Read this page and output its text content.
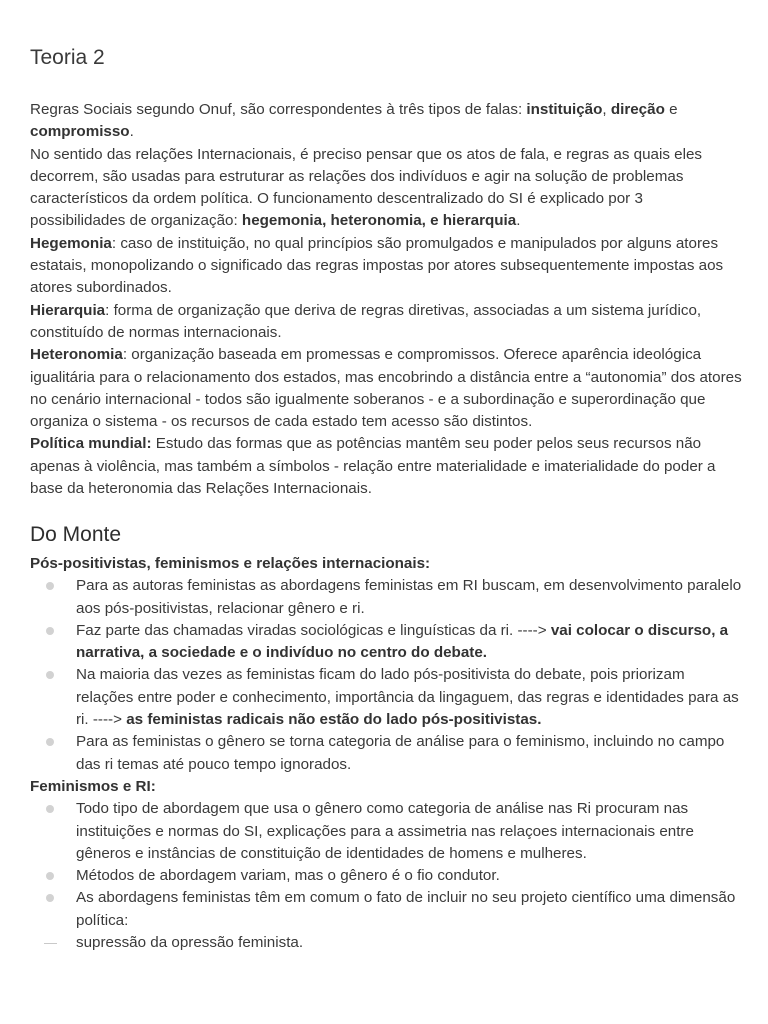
Teoria 2

Regras Sociais segundo Onuf, são correspondentes à três tipos de falas: instituição, direção e compromisso.

No sentido das relações Internacionais, é preciso pensar que os atos de fala, e regras as quais eles decorrem, são usadas para estruturar as relações dos indivíduos e agir na solução de problemas característicos da ordem política. O funcionamento descentralizado do SI é explicado por 3 possibilidades de organização: hegemonia, heteronomia, e hierarquia.

Hegemonia: caso de instituição, no qual princípios são promulgados e manipulados por alguns atores estatais, monopolizando o significado das regras impostas por atores subsequentemente impostas aos atores subordinados.

Hierarquia: forma de organização que deriva de regras diretivas, associadas a um sistema jurídico, constituído de normas internacionais.

Heteronomia: organização baseada em promessas e compromissos. Oferece aparência ideológica igualitária para o relacionamento dos estados, mas encobrindo a distância entre a “autonomia” dos atores no cenário internacional - todos são igualmente soberanos - e a subordinação e superordinação que organiza o sistema - os recursos de cada estado tem acesso são distintos.

Política mundial: Estudo das formas que as potências mantêm seu poder pelos seus recursos não apenas à violência, mas também a símbolos - relação entre materialidade e imaterialidade do poder a base da heteronomia das Relações Internacionais.

Do Monte

Pós-positivistas, feminismos e relações internacionais:

Para as autoras feministas as abordagens feministas em RI buscam, em desenvolvimento paralelo aos pós-positivistas, relacionar gênero e ri.
Faz parte das chamadas viradas sociológicas e linguísticas da ri. ----> vai colocar o discurso, a narrativa, a sociedade e o indivíduo no centro do debate.
Na maioria das vezes as feministas ficam do lado pós-positivista do debate, pois priorizam relações entre poder e conhecimento, importância da lingaguem, das regras e identidades para as ri. ----> as feministas radicais não estão do lado pós-positivistas.
Para as feministas o gênero se torna categoria de análise para o feminismo, incluindo no campo das ri temas até pouco tempo ignorados.

Feminismos e RI:

Todo tipo de abordagem que usa o gênero como categoria de análise nas Ri procuram nas instituições e normas do SI, explicações para a assimetria nas relaçoes internacionais entre gêneros e instâncias de constituição de identidades de homens e mulheres.
Métodos de abordagem variam, mas o gênero é o fio condutor.
As abordagens feministas têm em comum o fato de incluir no seu projeto científico uma dimensão política:
supressão da opressão feminista.
